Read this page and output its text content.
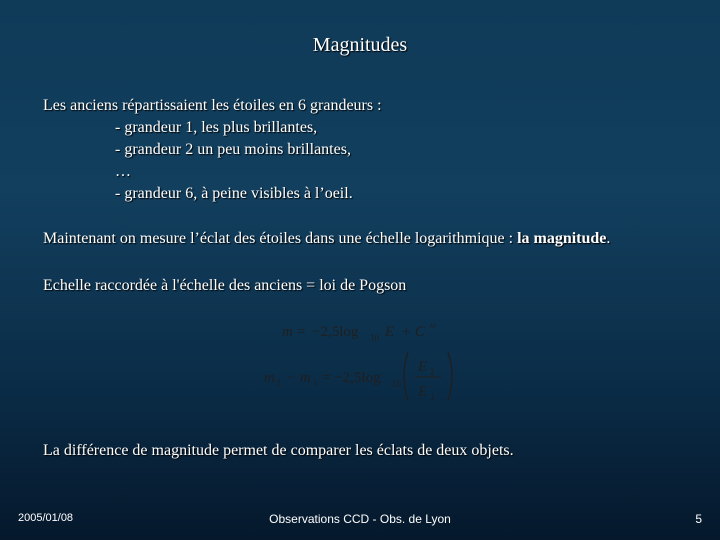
Magnitudes
Les anciens répartissaient les étoiles en 6 grandeurs :
- grandeur 1, les plus brillantes,
- grandeur 2 un peu moins brillantes,
…
- grandeur 6, à peine visibles à l’oeil.
Maintenant on mesure l’éclat des étoiles dans une échelle logarithmique : la magnitude.
Echelle raccordée à l'échelle des anciens = loi de Pogson
m = −2,5log 10 E + C te
m 2 − m 1 = −2,5log 10
E 2
E 1
La différence de magnitude permet de comparer les éclats de deux objets.
2005/01/08	Observations CCD - Obs. de Lyon	5
